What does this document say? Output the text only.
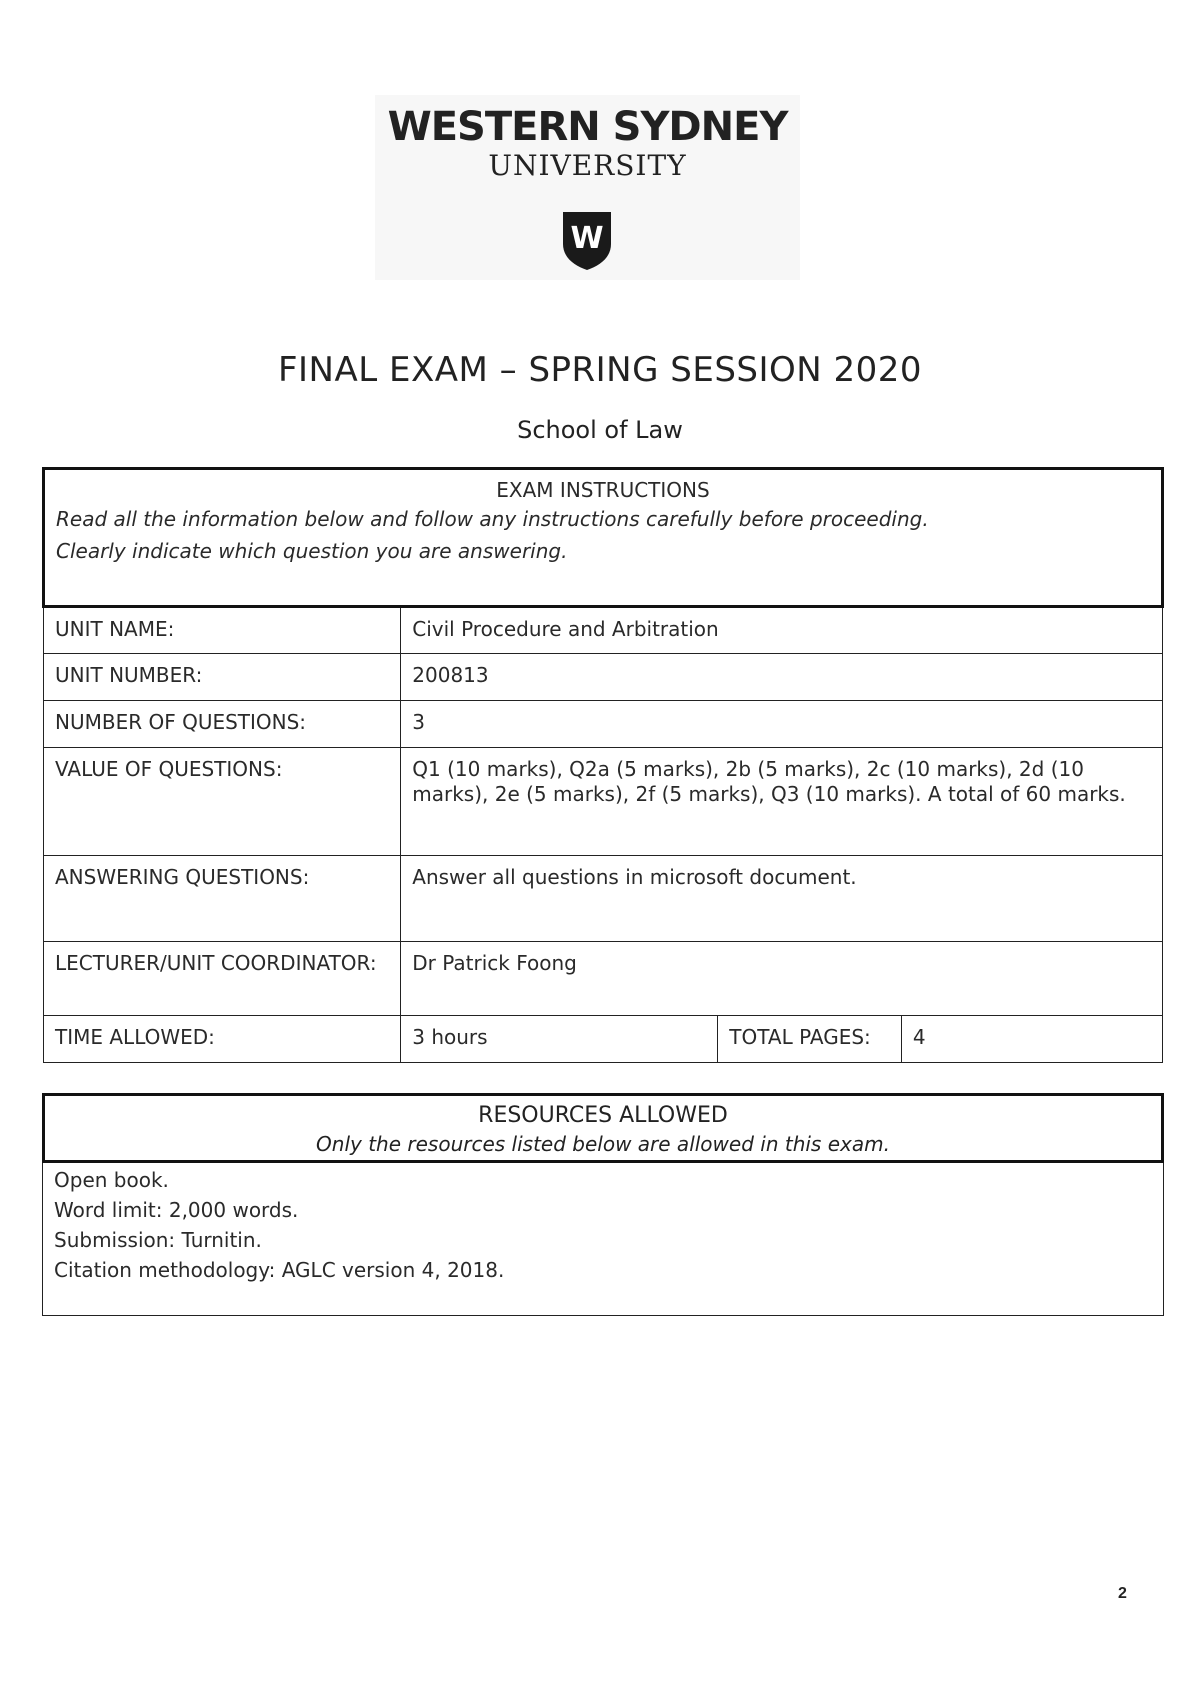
WESTERN SYDNEY
UNIVERSITY
W
FINAL EXAM – SPRING SESSION 2020
School of Law
EXAM INSTRUCTIONS
Read all the information below and follow any instructions carefully before proceeding.
Clearly indicate which question you are answering.			

UNIT NAME:	Civil Procedure and Arbitration		
UNIT NUMBER:	200813		
NUMBER OF QUESTIONS:	3		
VALUE OF QUESTIONS:	Q1 (10 marks), Q2a (5 marks), 2b (5 marks), 2c (10 marks), 2d (10 marks), 2e (5 marks), 2f (5 marks), Q3 (10 marks). A total of 60 marks.		
ANSWERING QUESTIONS:	Answer all questions in microsoft document.		
LECTURER/UNIT COORDINATOR:	Dr Patrick Foong		
TIME ALLOWED:	3 hours	TOTAL PAGES:	4
RESOURCES ALLOWED
Only the resources listed below are allowed in this exam.
Open book.
Word limit: 2,000 words.
Submission: Turnitin.
Citation methodology: AGLC version 4, 2018.
2
